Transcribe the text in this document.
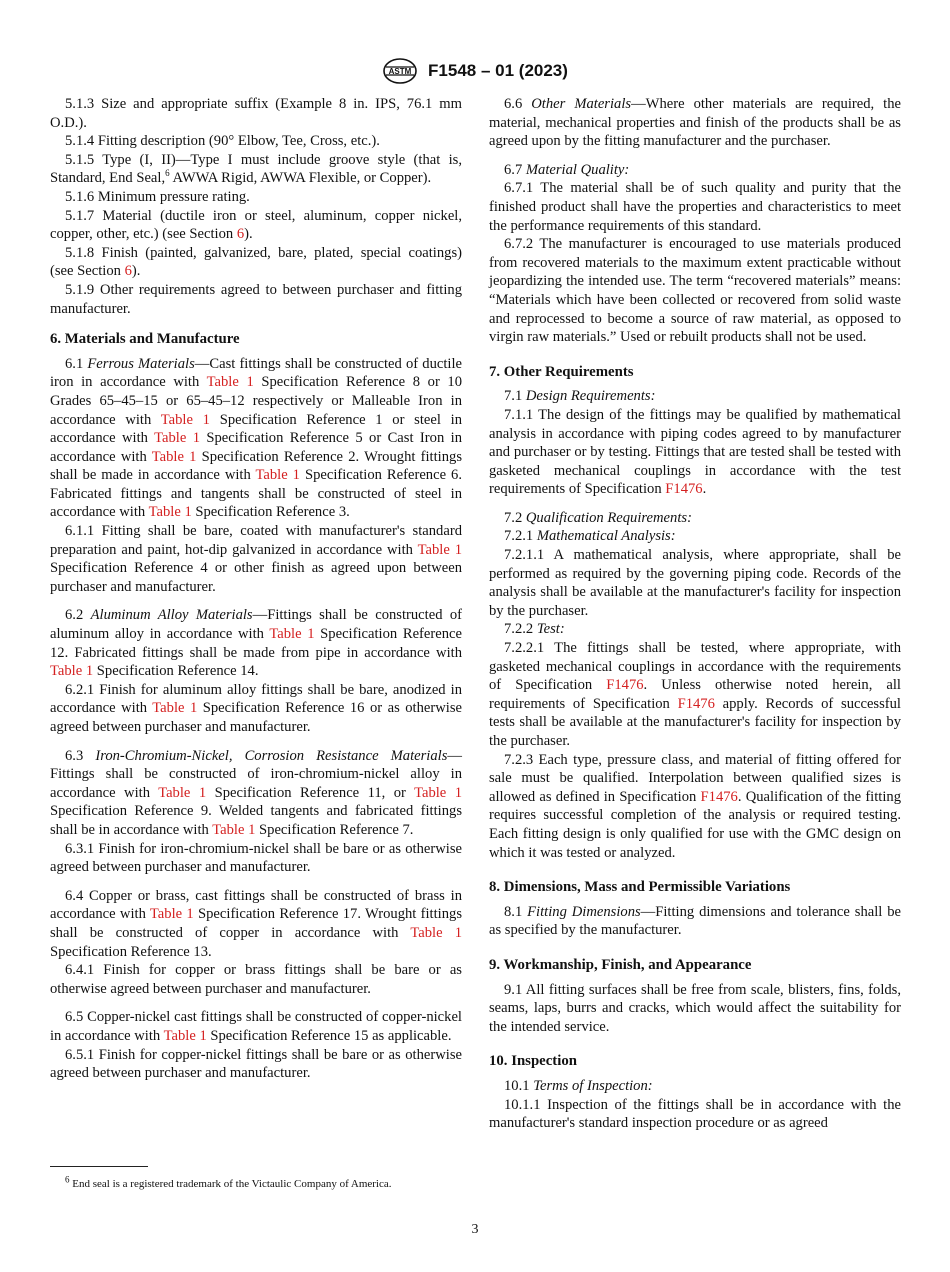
ASTM F1548 – 01 (2023)

5.1.3 Size and appropriate suffix (Example 8 in. IPS, 76.1 mm O.D.).

5.1.4 Fitting description (90° Elbow, Tee, Cross, etc.).

5.1.5 Type (I, II)—Type I must include groove style (that is, Standard, End Seal,$^6$ AWWA Rigid, AWWA Flexible, or Copper).

5.1.6 Minimum pressure rating.

5.1.7 Material (ductile iron or steel, aluminum, copper nickel, copper, other, etc.) (see Section 6).

5.1.8 Finish (painted, galvanized, bare, plated, special coatings) (see Section 6).

5.1.9 Other requirements agreed to between purchaser and fitting manufacturer.

6. Materials and Manufacture

6.1 Ferrous Materials—Cast fittings shall be constructed of ductile iron in accordance with Table 1 Specification Reference 8 or 10 Grades 65–45–15 or 65–45–12 respectively or Malleable Iron in accordance with Table 1 Specification Reference 1 or steel in accordance with Table 1 Specification Reference 5 or Cast Iron in accordance with Table 1 Specification Reference 2. Wrought fittings shall be made in accordance with Table 1 Specification Reference 6. Fabricated fittings and tangents shall be constructed of steel in accordance with Table 1 Specification Reference 3.

6.1.1 Fitting shall be bare, coated with manufacturer's standard preparation and paint, hot-dip galvanized in accordance with Table 1 Specification Reference 4 or other finish as agreed upon between purchaser and manufacturer.

6.2 Aluminum Alloy Materials—Fittings shall be constructed of aluminum alloy in accordance with Table 1 Specification Reference 12. Fabricated fittings shall be made from pipe in accordance with Table 1 Specification Reference 14.

6.2.1 Finish for aluminum alloy fittings shall be bare, anodized in accordance with Table 1 Specification Reference 16 or as otherwise agreed between purchaser and manufacturer.

6.3 Iron-Chromium-Nickel, Corrosion Resistance Materials—Fittings shall be constructed of iron-chromium-nickel alloy in accordance with Table 1 Specification Reference 11, or Table 1 Specification Reference 9. Welded tangents and fabricated fittings shall be in accordance with Table 1 Specification Reference 7.

6.3.1 Finish for iron-chromium-nickel shall be bare or as otherwise agreed between purchaser and manufacturer.

6.4 Copper or brass, cast fittings shall be constructed of brass in accordance with Table 1 Specification Reference 17. Wrought fittings shall be constructed of copper in accordance with Table 1 Specification Reference 13.

6.4.1 Finish for copper or brass fittings shall be bare or as otherwise agreed between purchaser and manufacturer.

6.5 Copper-nickel cast fittings shall be constructed of copper-nickel in accordance with Table 1 Specification Reference 15 as applicable.

6.5.1 Finish for copper-nickel fittings shall be bare or as otherwise agreed between purchaser and manufacturer.

6.6 Other Materials—Where other materials are required, the material, mechanical properties and finish of the products shall be as agreed upon by the fitting manufacturer and the purchaser.

6.7 Material Quality:

6.7.1 The material shall be of such quality and purity that the finished product shall have the properties and characteristics to meet the performance requirements of this standard.

6.7.2 The manufacturer is encouraged to use materials produced from recovered materials to the maximum extent practicable without jeopardizing the intended use. The term “recovered materials” means: “Materials which have been collected or recovered from solid waste and reprocessed to become a source of raw material, as opposed to virgin raw materials.” Used or rebuilt products shall not be used.

7. Other Requirements

7.1 Design Requirements:

7.1.1 The design of the fittings may be qualified by mathematical analysis in accordance with piping codes agreed to by manufacturer and purchaser or by testing. Fittings that are tested shall be tested with gasketed mechanical couplings in accordance with the test requirements of Specification F1476.

7.2 Qualification Requirements:

7.2.1 Mathematical Analysis:

7.2.1.1 A mathematical analysis, where appropriate, shall be performed as required by the governing piping code. Records of the analysis shall be available at the manufacturer's facility for inspection by the purchaser.

7.2.2 Test:

7.2.2.1 The fittings shall be tested, where appropriate, with gasketed mechanical couplings in accordance with the requirements of Specification F1476. Unless otherwise noted herein, all requirements of Specification F1476 apply. Records of successful tests shall be available at the manufacturer's facility for inspection by the purchaser.

7.2.3 Each type, pressure class, and material of fitting offered for sale must be qualified. Interpolation between qualified sizes is allowed as defined in Specification F1476. Qualification of the fitting requires successful completion of the analysis or required testing. Each fitting design is only qualified for use with the GMC design on which it was tested or analyzed.

8. Dimensions, Mass and Permissible Variations

8.1 Fitting Dimensions—Fitting dimensions and tolerance shall be as specified by the manufacturer.

9. Workmanship, Finish, and Appearance

9.1 All fitting surfaces shall be free from scale, blisters, fins, folds, seams, laps, burrs and cracks, which would affect the suitability for the intended service.

10. Inspection

10.1 Terms of Inspection:

10.1.1 Inspection of the fittings shall be in accordance with the manufacturer's standard inspection procedure or as agreed

$^6$ End seal is a registered trademark of the Victaulic Company of America.
3
